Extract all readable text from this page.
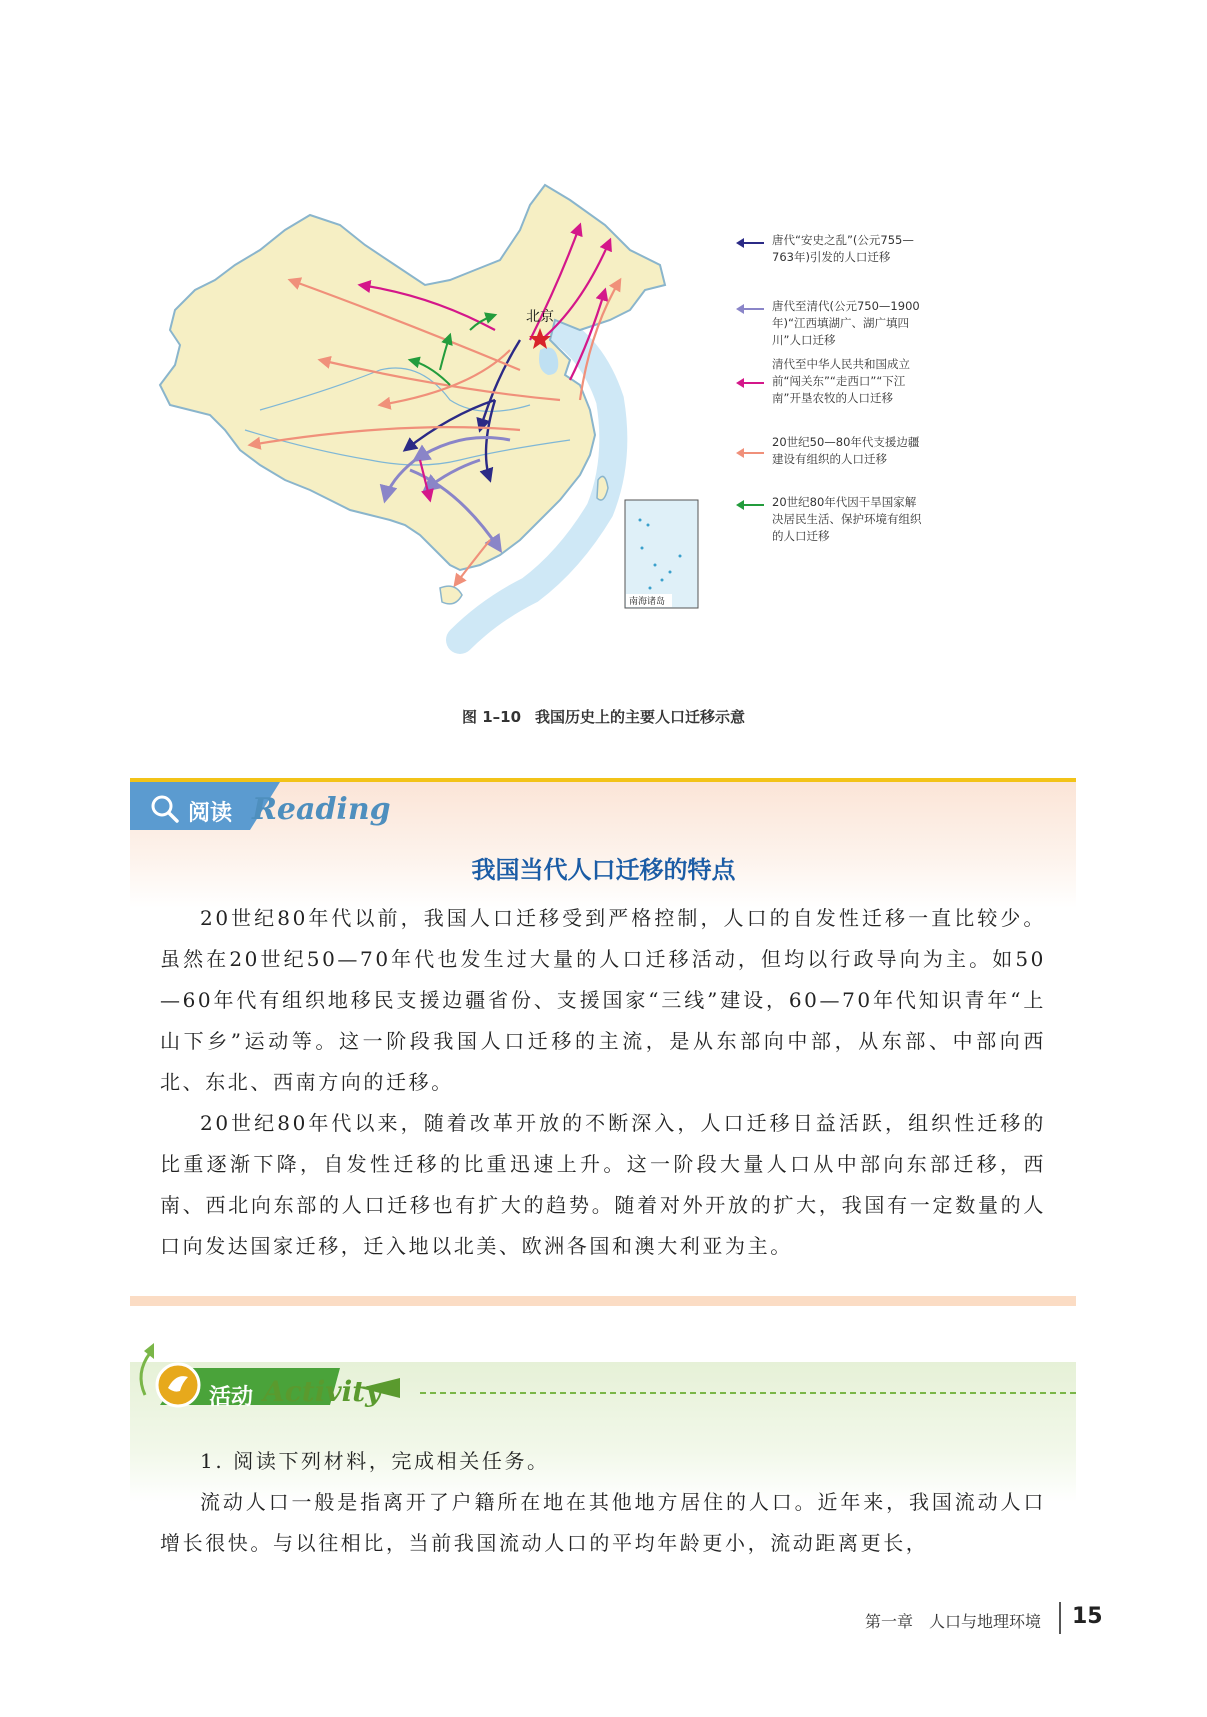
北京
南海诸岛
唐代“安史之乱”(公元755—763年)引发的人口迁移
唐代至清代(公元750—1900年)“江西填湖广、湖广填四川”人口迁移
清代至中华人民共和国成立前“闯关东”“走西口”“下江南”开垦农牧的人口迁移
20世纪50—80年代支援边疆建设有组织的人口迁移
20世纪80年代因干旱国家解决居民生活、保护环境有组织的人口迁移
图 1–10 我国历史上的主要人口迁移示意
阅读 Reading
我国当代人口迁移的特点

20世纪80年代以前，我国人口迁移受到严格控制，人口的自发性迁移一直比较少。虽然在20世纪50—70年代也发生过大量的人口迁移活动，但均以行政导向为主。如50—60年代有组织地移民支援边疆省份、支援国家“三线”建设，60—70年代知识青年“上山下乡”运动等。这一阶段我国人口迁移的主流，是从东部向中部，从东部、中部向西北、东北、西南方向的迁移。

20世纪80年代以来，随着改革开放的不断深入，人口迁移日益活跃，组织性迁移的比重逐渐下降，自发性迁移的比重迅速上升。这一阶段大量人口从中部向东部迁移，西南、西北向东部的人口迁移也有扩大的趋势。随着对外开放的扩大，我国有一定数量的人口向发达国家迁移，迁入地以北美、欧洲各国和澳大利亚为主。

活动 Activity

1. 阅读下列材料，完成相关任务。

流动人口一般是指离开了户籍所在地在其他地方居住的人口。近年来，我国流动人口增长很快。与以往相比，当前我国流动人口的平均年龄更小，流动距离更长，

第一章　人口与地理环境 15
